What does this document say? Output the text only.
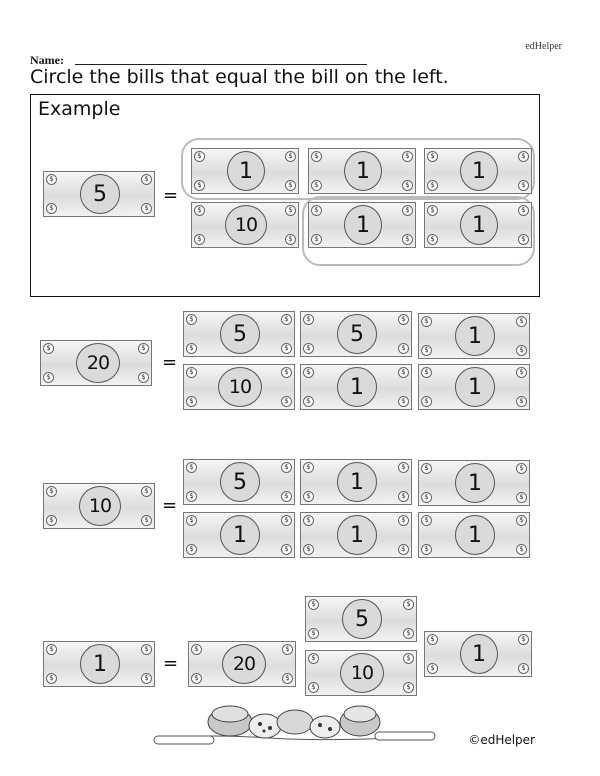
edHelper
Name:
Circle the bills that equal the bill on the left.
Example
$	$
$	$
5	=
$	$
$	$
1
$	$
$	$
1
$	$
$	$
1
$	$
$	$
10
$	$
$	$
1
$	$
$	$
1
$	$
$	$
20	=
$	$
$	$
5
$	$
$	$
5
$	$
$	$
1
$	$
$	$
10
$	$
$	$
1
$	$
$	$
1
$	$
$	$
10	=
$	$
$	$
5
$	$
$	$
1
$	$
$	$
1
$	$
$	$
1
$	$
$	$
1
$	$
$	$
1
$	$
$	$
1	=
$	$
$	$
20
$	$
$	$
5
$	$
$	$
10
$	$
$	$
1
©edHelper
